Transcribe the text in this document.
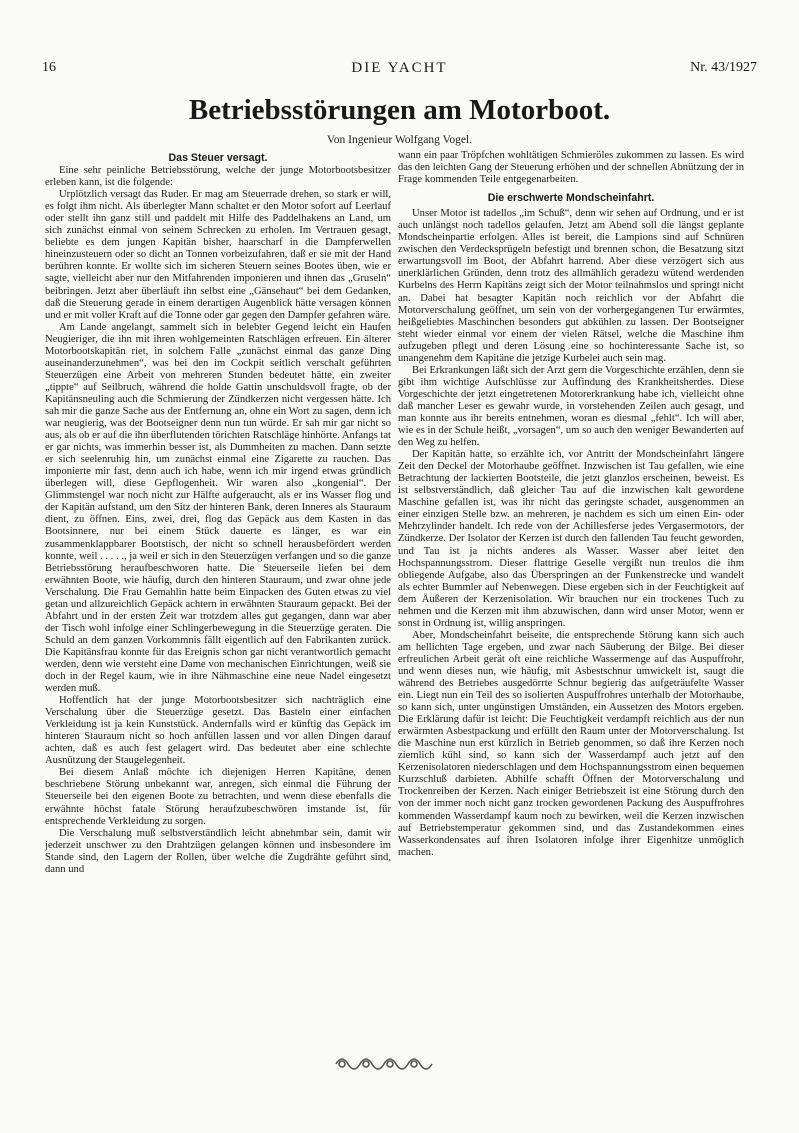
16	DIE YACHT	Nr. 43/1927
Betriebsstörungen am Motorboot.
Von Ingenieur Wolfgang Vogel.
Das Steuer versagt.

Eine sehr peinliche Betriebsstörung, welche der junge Motorbootsbesitzer erleben kann, ist die folgende:

Urplötzlich versagt das Ruder. Er mag am Steuerrade drehen, so stark er will, es folgt ihm nicht. Als überlegter Mann schaltet er den Motor sofort auf Leerlauf oder stellt ihn ganz still und paddelt mit Hilfe des Paddelhakens an Land, um sich zunächst einmal von seinem Schrecken zu erholen. Im Vertrauen gesagt, beliebte es dem jungen Kapitän bisher, haarscharf in die Dampferwellen hineinzusteuern oder so dicht an Tonnen vorbeizufahren, daß er sie mit der Hand berühren konnte. Er wollte sich im sicheren Steuern seines Bootes üben, wie er sagte, vielleicht aber nur den Mitfahrenden imponieren und ihnen das „Gruseln“ beibringen. Jetzt aber überläuft ihn selbst eine „Gänsehaut“ bei dem Gedanken, daß die Steuerung gerade in einem derartigen Augenblick hätte versagen können und er mit voller Kraft auf die Tonne oder gar gegen den Dampfer gefahren wäre.

Am Lande angelangt, sammelt sich in belebter Gegend leicht ein Haufen Neugieriger, die ihn mit ihren wohlgemeinten Ratschlägen erfreuen. Ein älterer Motorbootskapitän riet, in solchem Falle „zunächst einmal das ganze Ding auseinanderzunehmen“, was bei den im Cockpit seitlich verschalt geführten Steuerzügen eine Arbeit von mehreren Stunden bedeutet hätte, ein zweiter „tippte“ auf Seilbruch, während die holde Gattin unschuldsvoll fragte, ob der Kapitänsneuling auch die Schmierung der Zündkerzen nicht vergessen hätte. Ich sah mir die ganze Sache aus der Entfernung an, ohne ein Wort zu sagen, denn ich war neugierig, was der Bootseigner denn nun tun würde. Er sah mir gar nicht so aus, als ob er auf die ihn überflutenden törichten Ratschläge hinhörte. Anfangs tat er gar nichts, was immerhin besser ist, als Dummheiten zu machen. Dann setzte er sich seelenruhig hin, um zunächst einmal eine Zigarette zu rauchen. Das imponierte mir fast, denn auch ich habe, wenn ich mir irgend etwas gründlich überlegen will, diese Gepflogenheit. Wir waren also „kongenial“. Der Glimmstengel war noch nicht zur Hälfte aufgeraucht, als er ins Wasser flog und der Kapitän aufstand, um den Sitz der hinteren Bank, deren Inneres als Stauraum dient, zu öffnen. Eins, zwei, drei, flog das Gepäck aus dem Kasten in das Bootsinnere, nur bei einem Stück dauerte es länger, es war ein zusammenklappbarer Bootstisch, der nicht so schnell herausbefördert werden konnte, weil . . . . ., ja weil er sich in den Steuerzügen verfangen und so die ganze Betriebsstörung heraufbeschworen hatte. Die Steuerseile liefen bei dem erwähnten Boote, wie häufig, durch den hinteren Stauraum, und zwar ohne jede Verschalung. Die Frau Gemahlin hatte beim Einpacken des Guten etwas zu viel getan und allzureichlich Gepäck achtern in erwähnten Stauraum gepackt. Bei der Abfahrt und in der ersten Zeit war trotzdem alles gut gegangen, dann war aber der Tisch wohl infolge einer Schlingerbewegung in die Steuerzüge geraten. Die Schuld an dem ganzen Vorkommnis fällt eigentlich auf den Fabrikanten zurück. Die Kapitänsfrau konnte für das Ereignis schon gar nicht verantwortlich gemacht werden, denn wie versteht eine Dame von mechanischen Einrichtungen, weiß sie doch in der Regel kaum, wie in ihre Nähmaschine eine neue Nadel eingesetzt werden muß.

Hoffentlich hat der junge Motorbootsbesitzer sich nachträglich eine Verschalung über die Steuerzüge gesetzt. Das Basteln einer einfachen Verkleidung ist ja kein Kunststück. Andernfalls wird er künftig das Gepäck im hinteren Stauraum nicht so hoch anfüllen lassen und vor allen Dingen darauf achten, daß es auch fest gelagert wird. Das bedeutet aber eine schlechte Ausnützung der Staugelegenheit.

Bei diesem Anlaß möchte ich diejenigen Herren Kapitäne, denen beschriebene Störung unbekannt war, anregen, sich einmal die Führung der Steuerseile bei den eigenen Boote zu betrachten, und wenn diese ebenfalls die erwähnte höchst fatale Störung heraufzubeschwören imstande ist, für entsprechende Verkleidung zu sorgen.

Die Verschalung muß selbstverständlich leicht abnehmbar sein, damit wir jederzeit unschwer zu den Drahtzügen gelangen können und insbesondere im Stande sind, den Lagern der Rollen, über welche die Zugdrähte geführt sind, dann und

wann ein paar Tröpfchen wohltätigen Schmieröles zukommen zu lassen. Es wird das den leichten Gang der Steuerung erhöhen und der schnellen Abnützung der in Frage kommenden Teile entgegenarbeiten.

Die erschwerte Mondscheinfahrt.

Unser Motor ist tadellos „im Schuß“, denn wir sehen auf Ordnung, und er ist auch unlängst noch tadellos gelaufen. Jetzt am Abend soll die längst geplante Mondscheinpartie erfolgen. Alles ist bereit, die Lampions sind auf Schnüren zwischen den Verdecksprügeln befestigt und brennen schon, die Besatzung sitzt erwartungsvoll im Boot, der Abfahrt harrend. Aber diese verzögert sich aus unerklärlichen Gründen, denn trotz des allmählich geradezu wütend werdenden Kurbelns des Herrn Kapitäns zeigt sich der Motor teilnahmslos und springt nicht an. Dabei hat besagter Kapitän noch reichlich vor der Abfahrt die Motorverschalung geöffnet, um sein von der vorhergegangenen Tur erwärmtes, heißgeliebtes Maschinchen besonders gut abkühlen zu lassen. Der Bootseigner steht wieder einmal vor einem der vielen Rätsel, welche die Maschine ihm aufzugeben pflegt und deren Lösung eine so hochinteressante Sache ist, so unangenehm dem Kapitäne die jetzige Kurbelei auch sein mag.

Bei Erkrankungen läßt sich der Arzt gern die Vorgeschichte erzählen, denn sie gibt ihm wichtige Aufschlüsse zur Auffindung des Krankheitsherdes. Diese Vorgeschichte der jetzt eingetretenen Motorerkrankung habe ich, vielleicht ohne daß mancher Leser es gewahr wurde, in vorstehenden Zeilen auch gesagt, und man konnte aus ihr bereits entnehmen, woran es diesmal „fehlt“. Ich will aber, wie es in der Schule heißt, „vorsagen“, um so auch den weniger Bewanderten auf den Weg zu helfen.

Der Kapitän hatte, so erzählte ich, vor Antritt der Mondscheinfahrt längere Zeit den Deckel der Motorhaube geöffnet. Inzwischen ist Tau gefallen, wie eine Betrachtung der lackierten Bootsteile, die jetzt glanzlos erscheinen, beweist. Es ist selbstverständlich, daß gleicher Tau auf die inzwischen kalt gewordene Maschine gefallen ist, was ihr nicht das geringste schadet, ausgenommen an einer einzigen Stelle bzw. an mehreren, je nachdem es sich um einen Ein- oder Mehrzylinder handelt. Ich rede von der Achillesferse jedes Vergasermotors, der Zündkerze. Der Isolator der Kerzen ist durch den fallenden Tau feucht geworden, und Tau ist ja nichts anderes als Wasser. Wasser aber leitet den Hochspannungsstrom. Dieser flattrige Geselle vergißt nun treulos die ihm obliegende Aufgabe, also das Überspringen an der Funkenstrecke und wandelt als echter Bummler auf Nebenwegen. Diese ergeben sich in der Feuchtigkeit auf dem Äußeren der Kerzenisolation. Wir brauchen nur ein trockenes Tuch zu nehmen und die Kerzen mit ihm abzuwischen, dann wird unser Motor, wenn er sonst in Ordnung ist, willig anspringen.

Aber, Mondscheinfahrt beiseite, die entsprechende Störung kann sich auch am hellichten Tage ergeben, und zwar nach Säuberung der Bilge. Bei dieser erfreulichen Arbeit gerät oft eine reichliche Wassermenge auf das Auspuffrohr, und wenn dieses nun, wie häufig, mit Asbestschnur umwickelt ist, saugt die während des Betriebes ausgedörrte Schnur begierig das aufgeträufelte Wasser ein. Liegt nun ein Teil des so isolierten Auspuffrohres unterhalb der Motorhaube, so kann sich, unter ungünstigen Umständen, ein Aussetzen des Motors ergeben. Die Erklärung dafür ist leicht: Die Feuchtigkeit verdampft reichlich aus der nun erwärmten Asbestpackung und erfüllt den Raum unter der Motorverschalung. Ist die Maschine nun erst kürzlich in Betrieb genommen, so daß ihre Kerzen noch ziemlich kühl sind, so kann sich der Wasserdampf auch jetzt auf den Kerzenisolatoren niederschlagen und dem Hochspannungsstrom einen bequemen Kurzschluß darbieten. Abhilfe schafft Öffnen der Motorverschalung und Trockenreiben der Kerzen. Nach einiger Betriebszeit ist eine Störung durch den von der immer noch nicht ganz trocken gewordenen Packung des Auspuffrohres kommenden Wasserdampf kaum noch zu bewirken, weil die Kerzen inzwischen auf Betriebstemperatur gekommen sind, und das Zustandekommen eines Wasserkondensates auf ihren Isolatoren infolge ihrer Eigenhitze unmöglich machen.
